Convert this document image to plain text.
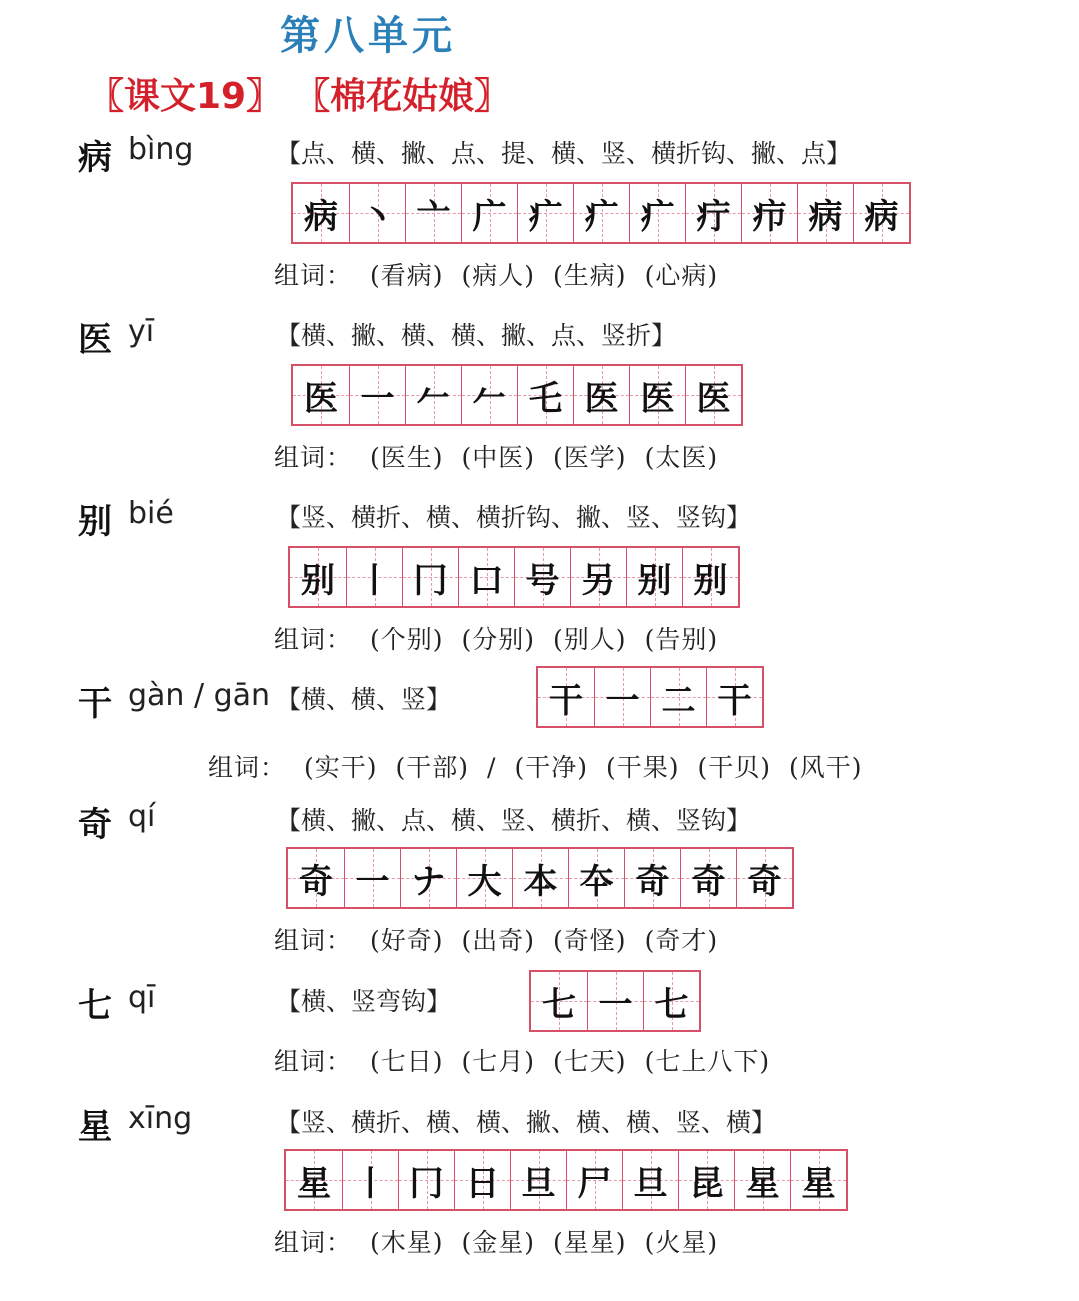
第八单元
〖课文19〗 〖棉花姑娘〗
病 bìng	【点、横、撇、点、提、横、竖、横折钩、撇、点】
病 丶 亠 广 疒 疒 疒 疔 疖 病 病
组词： (看病) (病人) (生病) (心病)
医 yī	【横、撇、横、横、撇、点、竖折】
医 一 𠂉 𠂉 乇 医 医 医
组词： (医生) (中医) (医学) (太医)
别 bié	【竖、横折、横、横折钩、撇、竖、竖钩】
别 丨 冂 口 号 另 别 别
组词： (个别) (分别) (别人) (告别)
干 gàn / gān 【横、横、竖】	干 一 二 干
组词： (实干) (干部) / (干净) (干果) (干贝) (风干)
奇 qí	【横、撇、点、横、竖、横折、横、竖钩】
奇 一 ナ 大 本 夲 奇 奇 奇
组词： (好奇) (出奇) (奇怪) (奇才)
七 qī	【横、竖弯钩】	七 一 七
组词： (七日) (七月) (七天) (七上八下)
星 xīng	【竖、横折、横、横、撇、横、横、竖、横】
星 丨 冂 日 旦 尸 旦 昆 星 星
组词： (木星) (金星) (星星) (火星)
